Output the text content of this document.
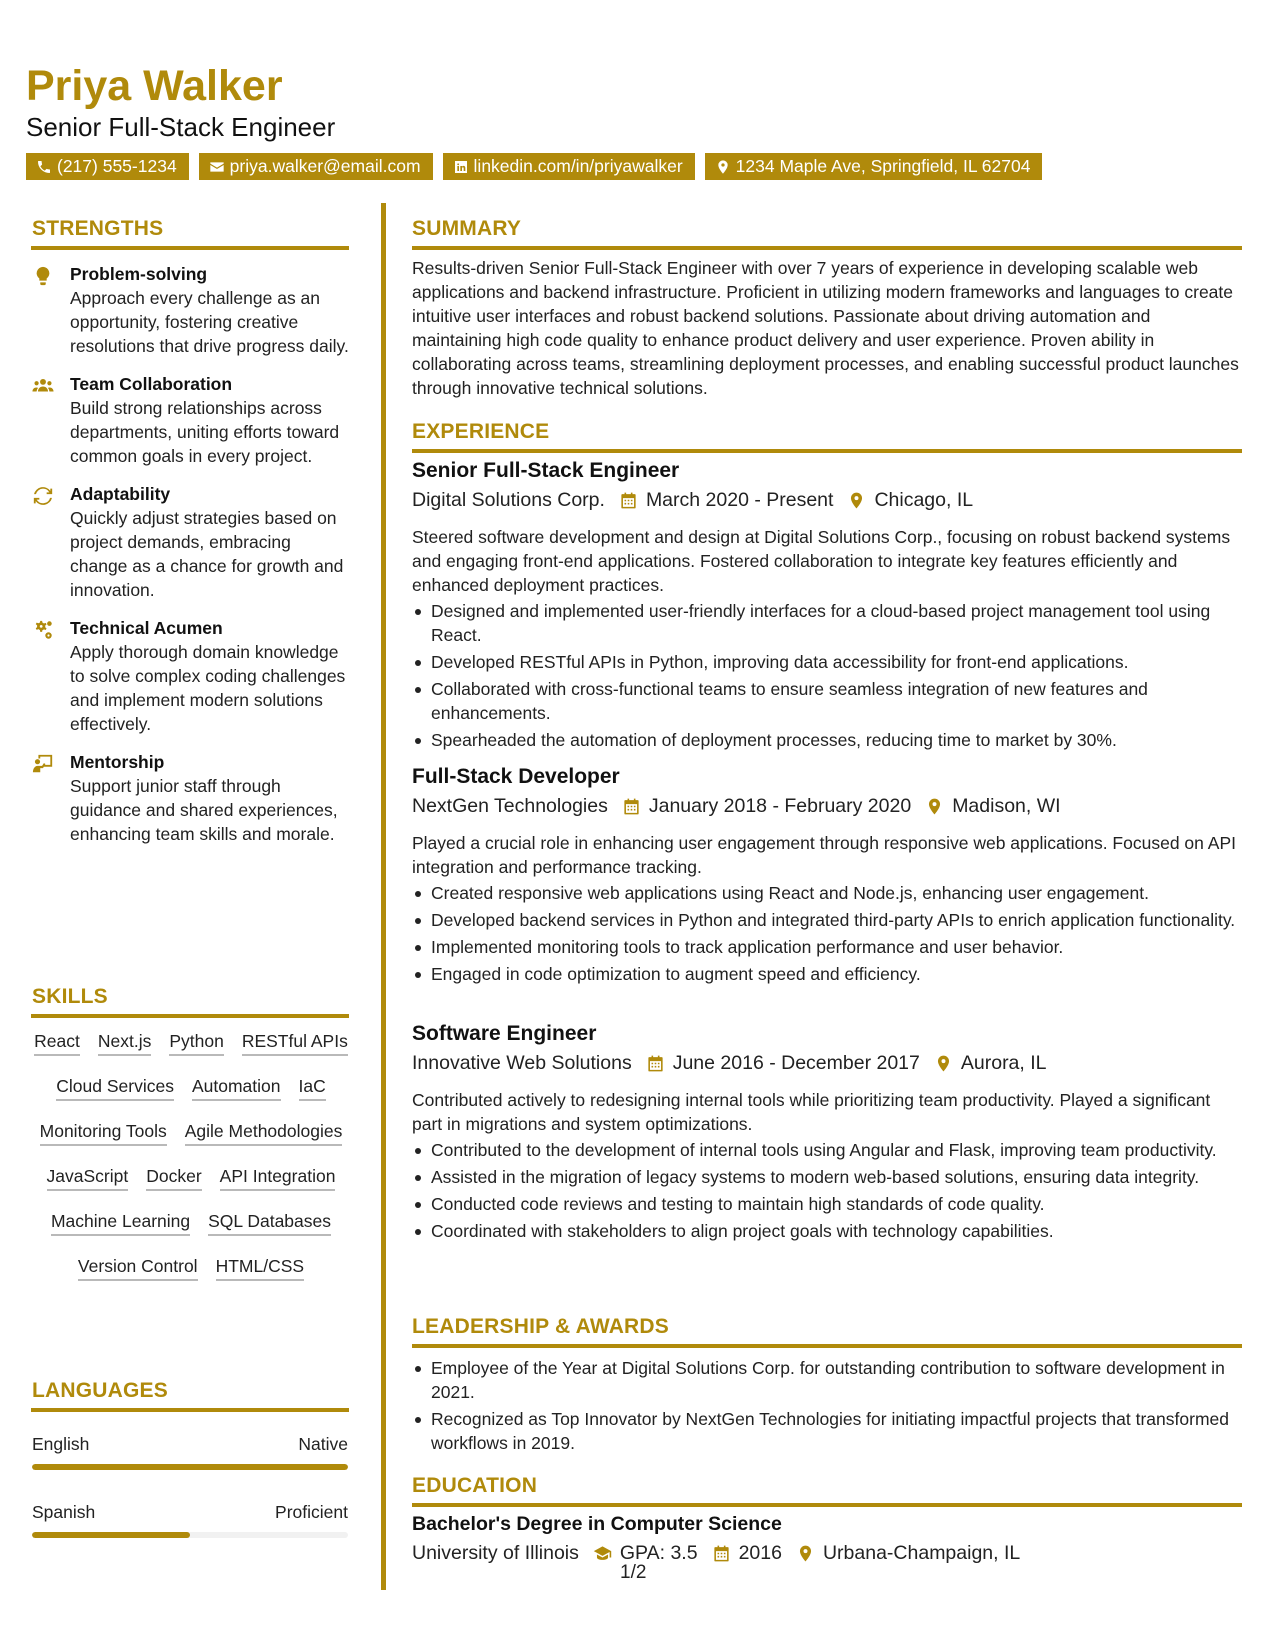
Priya Walker
Senior Full-Stack Engineer
(217) 555-1234	priya.walker@email.com	linkedin.com/in/priyawalker	1234 Maple Ave, Springfield, IL 62704
STRENGTHS
Problem-solving
Approach every challenge as an opportunity, fostering creative resolutions that drive progress daily.
Team Collaboration
Build strong relationships across departments, uniting efforts toward common goals in every project.
Adaptability
Quickly adjust strategies based on project demands, embracing change as a chance for growth and innovation.
Technical Acumen
Apply thorough domain knowledge to solve complex coding challenges and implement modern solutions effectively.
Mentorship
Support junior staff through guidance and shared experiences, enhancing team skills and morale.
SKILLS
React Next.js Python RESTful APIs
Cloud Services Automation IaC
Monitoring Tools Agile Methodologies
JavaScript Docker API Integration
Machine Learning SQL Databases
Version Control HTML/CSS
LANGUAGES
English	Native
Spanish	Proficient
SUMMARY
Results-driven Senior Full-Stack Engineer with over 7 years of experience in developing scalable web applications and backend infrastructure. Proficient in utilizing modern frameworks and languages to create intuitive user interfaces and robust backend solutions. Passionate about driving automation and maintaining high code quality to enhance product delivery and user experience. Proven ability in collaborating across teams, streamlining deployment processes, and enabling successful product launches through innovative technical solutions.
EXPERIENCE
Senior Full-Stack Engineer
Digital Solutions Corp. March 2020 - Present Chicago, IL
Steered software development and design at Digital Solutions Corp., focusing on robust backend systems and engaging front-end applications. Fostered collaboration to integrate key features efficiently and enhanced deployment practices.
Designed and implemented user-friendly interfaces for a cloud-based project management tool using React.
Developed RESTful APIs in Python, improving data accessibility for front-end applications.
Collaborated with cross-functional teams to ensure seamless integration of new features and enhancements.
Spearheaded the automation of deployment processes, reducing time to market by 30%.
Full-Stack Developer
NextGen Technologies January 2018 - February 2020 Madison, WI
Played a crucial role in enhancing user engagement through responsive web applications. Focused on API integration and performance tracking.
Created responsive web applications using React and Node.js, enhancing user engagement.
Developed backend services in Python and integrated third-party APIs to enrich application functionality.
Implemented monitoring tools to track application performance and user behavior.
Engaged in code optimization to augment speed and efficiency.
Software Engineer
Innovative Web Solutions June 2016 - December 2017 Aurora, IL
Contributed actively to redesigning internal tools while prioritizing team productivity. Played a significant part in migrations and system optimizations.
Contributed to the development of internal tools using Angular and Flask, improving team productivity.
Assisted in the migration of legacy systems to modern web-based solutions, ensuring data integrity.
Conducted code reviews and testing to maintain high standards of code quality.
Coordinated with stakeholders to align project goals with technology capabilities.
LEADERSHIP & AWARDS
Employee of the Year at Digital Solutions Corp. for outstanding contribution to software development in 2021.
Recognized as Top Innovator by NextGen Technologies for initiating impactful projects that transformed workflows in 2019.
EDUCATION
Bachelor's Degree in Computer Science
University of Illinois GPA: 3.5 2016 Urbana-Champaign, IL
1/2
